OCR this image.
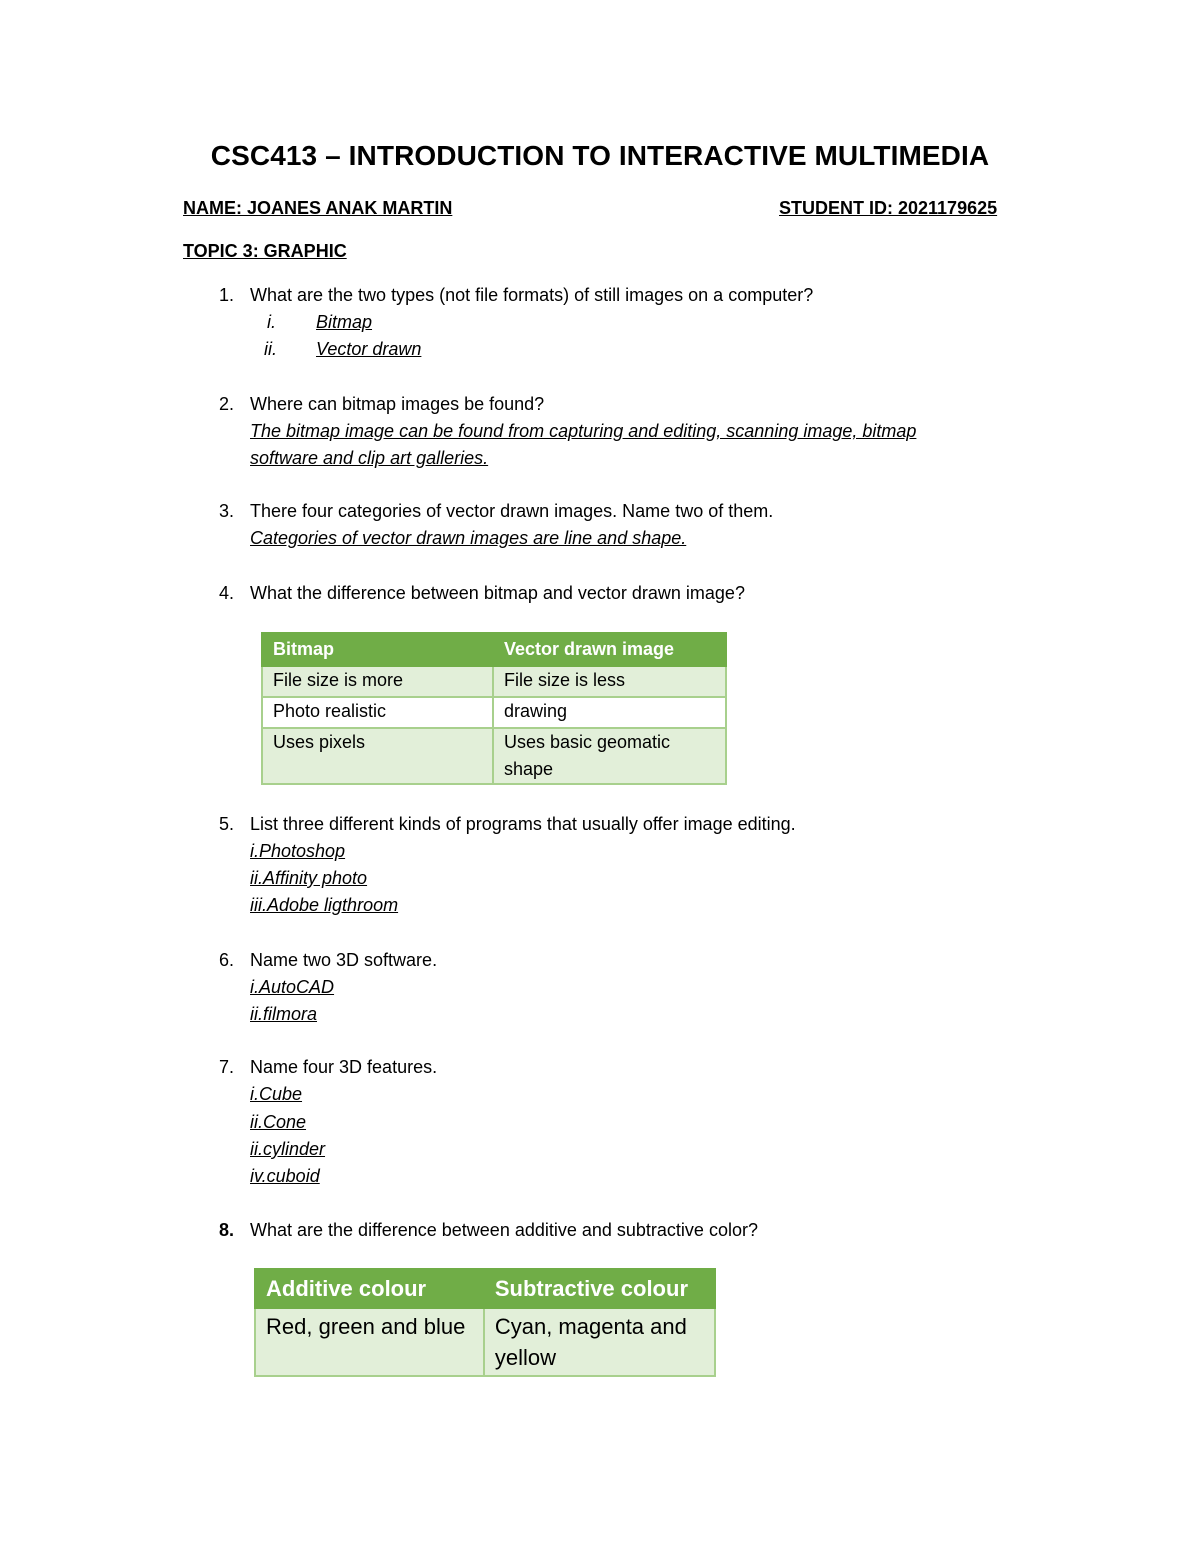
CSC413 – INTRODUCTION TO INTERACTIVE MULTIMEDIA
NAME: JOANES ANAK MARTIN	STUDENT ID: 2021179625
TOPIC 3: GRAPHIC
1. What are the two types (not file formats) of still images on a computer?
i. Bitmap
ii. Vector drawn
2. Where can bitmap images be found?
The bitmap image can be found from capturing and editing, scanning image, bitmap
software and clip art galleries.
3. There four categories of vector drawn images. Name two of them.
Categories of vector drawn images are line and shape.
4. What the difference between bitmap and vector drawn image?
Bitmap	Vector drawn image
File size is more	File size is less
Photo realistic	drawing
Uses pixels	Uses basic geomatic shape
5. List three different kinds of programs that usually offer image editing.
i.Photoshop
ii.Affinity photo
iii.Adobe ligthroom
6. Name two 3D software.
i.AutoCAD
ii.filmora
7. Name four 3D features.
i.Cube
ii.Cone
ii.cylinder
iv.cuboid
8. What are the difference between additive and subtractive color?
Additive colour	Subtractive colour
Red, green and blue	Cyan, magenta and yellow
